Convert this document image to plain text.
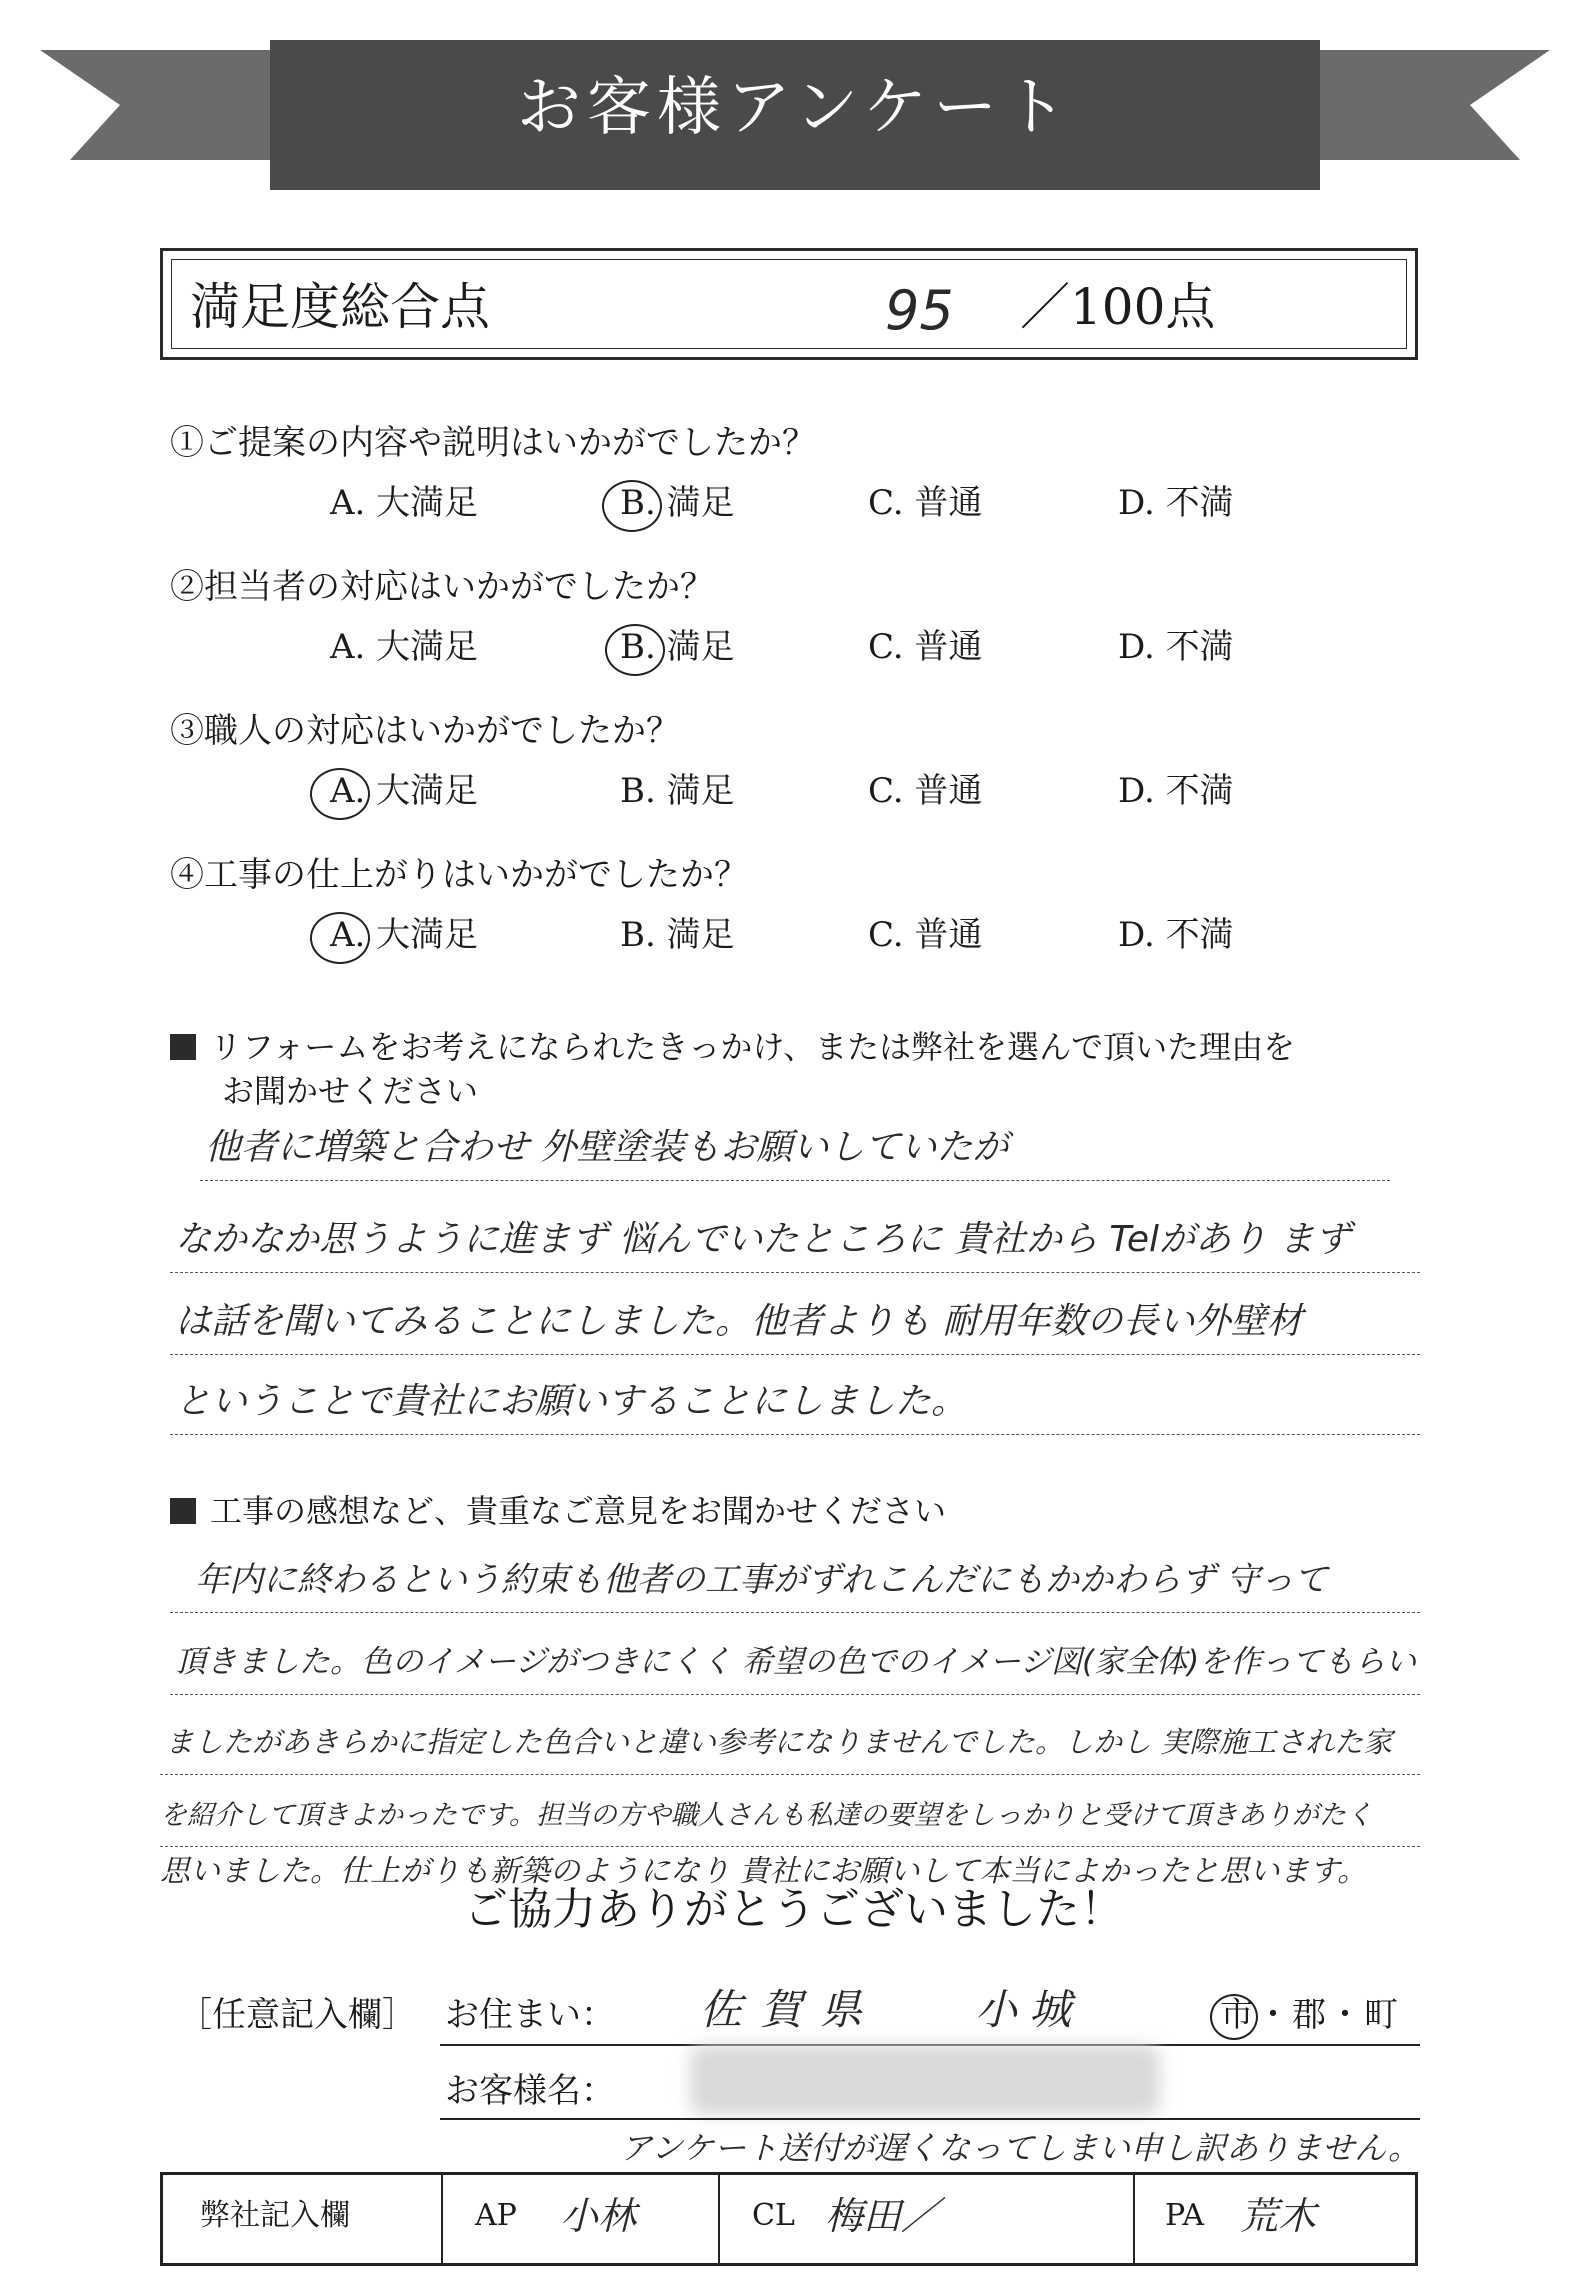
お客様アンケート
満足度総合点	95 ／100点
①ご提案の内容や説明はいかがでしたか？
A. 大満足	B. 満足	C. 普通	D. 不満
②担当者の対応はいかがでしたか？
A. 大満足	B. 満足	C. 普通	D. 不満
③職人の対応はいかがでしたか？
A. 大満足	B. 満足	C. 普通	D. 不満
④工事の仕上がりはいかがでしたか？
A. 大満足	B. 満足	C. 普通	D. 不満
リフォームをお考えになられたきっかけ、または弊社を選んで頂いた理由を
お聞かせください
他者に増築と合わせ 外壁塗装もお願いしていたが
なかなか思うように進まず 悩んでいたところに 貴社から Telがあり まず
は話を聞いてみることにしました。他者よりも 耐用年数の長い外壁材
ということで貴社にお願いすることにしました。
工事の感想など、貴重なご意見をお聞かせください
年内に終わるという約束も他者の工事がずれこんだにもかかわらず 守って
頂きました。色のイメージがつきにくく 希望の色でのイメージ図(家全体)を作ってもらい
ましたがあきらかに指定した色合いと違い参考になりませんでした。しかし 実際施工された家
を紹介して頂きよかったです。担当の方や職人さんも私達の要望をしっかりと受けて頂きありがたく
思いました。仕上がりも新築のようになり 貴社にお願いして本当によかったと思います。
ご協力ありがとうございました！
［任意記入欄］ お住まい： 佐賀県 小城	市・郡・町
お客様名：
アンケート送付が遅くなってしまい申し訳ありません。
弊社記入欄	AP 小林	CL 梅田／	PA 荒木
